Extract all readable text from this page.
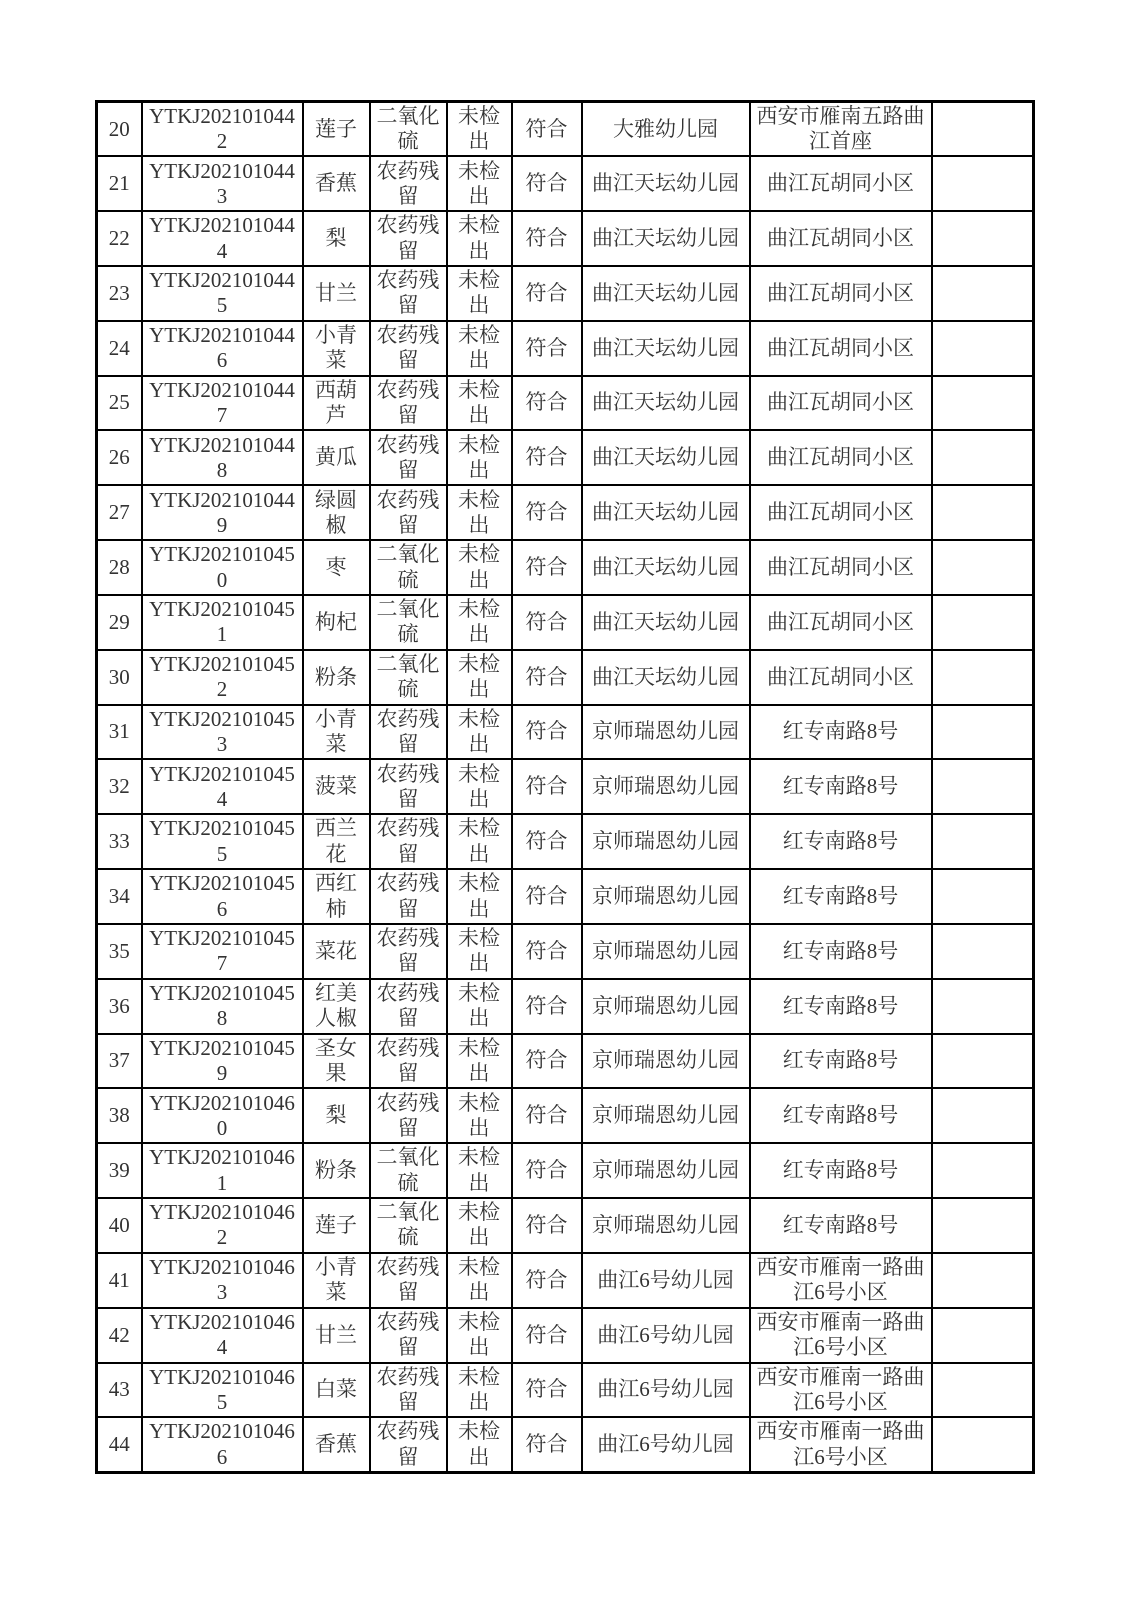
20	YTKJ2021010442	莲子	二氧化硫	未检出	符合	大雅幼儿园	西安市雁南五路曲江首座	
21	YTKJ2021010443	香蕉	农药残留	未检出	符合	曲江天坛幼儿园	曲江瓦胡同小区	
22	YTKJ2021010444	梨	农药残留	未检出	符合	曲江天坛幼儿园	曲江瓦胡同小区	
23	YTKJ2021010445	甘兰	农药残留	未检出	符合	曲江天坛幼儿园	曲江瓦胡同小区	
24	YTKJ2021010446	小青菜	农药残留	未检出	符合	曲江天坛幼儿园	曲江瓦胡同小区	
25	YTKJ2021010447	西葫芦	农药残留	未检出	符合	曲江天坛幼儿园	曲江瓦胡同小区	
26	YTKJ2021010448	黄瓜	农药残留	未检出	符合	曲江天坛幼儿园	曲江瓦胡同小区	
27	YTKJ2021010449	绿圆椒	农药残留	未检出	符合	曲江天坛幼儿园	曲江瓦胡同小区	
28	YTKJ2021010450	枣	二氧化硫	未检出	符合	曲江天坛幼儿园	曲江瓦胡同小区	
29	YTKJ2021010451	枸杞	二氧化硫	未检出	符合	曲江天坛幼儿园	曲江瓦胡同小区	
30	YTKJ2021010452	粉条	二氧化硫	未检出	符合	曲江天坛幼儿园	曲江瓦胡同小区	
31	YTKJ2021010453	小青菜	农药残留	未检出	符合	京师瑞恩幼儿园	红专南路8号	
32	YTKJ2021010454	菠菜	农药残留	未检出	符合	京师瑞恩幼儿园	红专南路8号	
33	YTKJ2021010455	西兰花	农药残留	未检出	符合	京师瑞恩幼儿园	红专南路8号	
34	YTKJ2021010456	西红柿	农药残留	未检出	符合	京师瑞恩幼儿园	红专南路8号	
35	YTKJ2021010457	菜花	农药残留	未检出	符合	京师瑞恩幼儿园	红专南路8号	
36	YTKJ2021010458	红美人椒	农药残留	未检出	符合	京师瑞恩幼儿园	红专南路8号	
37	YTKJ2021010459	圣女果	农药残留	未检出	符合	京师瑞恩幼儿园	红专南路8号	
38	YTKJ2021010460	梨	农药残留	未检出	符合	京师瑞恩幼儿园	红专南路8号	
39	YTKJ2021010461	粉条	二氧化硫	未检出	符合	京师瑞恩幼儿园	红专南路8号	
40	YTKJ2021010462	莲子	二氧化硫	未检出	符合	京师瑞恩幼儿园	红专南路8号	
41	YTKJ2021010463	小青菜	农药残留	未检出	符合	曲江6号幼儿园	西安市雁南一路曲江6号小区	
42	YTKJ2021010464	甘兰	农药残留	未检出	符合	曲江6号幼儿园	西安市雁南一路曲江6号小区	
43	YTKJ2021010465	白菜	农药残留	未检出	符合	曲江6号幼儿园	西安市雁南一路曲江6号小区	
44	YTKJ2021010466	香蕉	农药残留	未检出	符合	曲江6号幼儿园	西安市雁南一路曲江6号小区	
